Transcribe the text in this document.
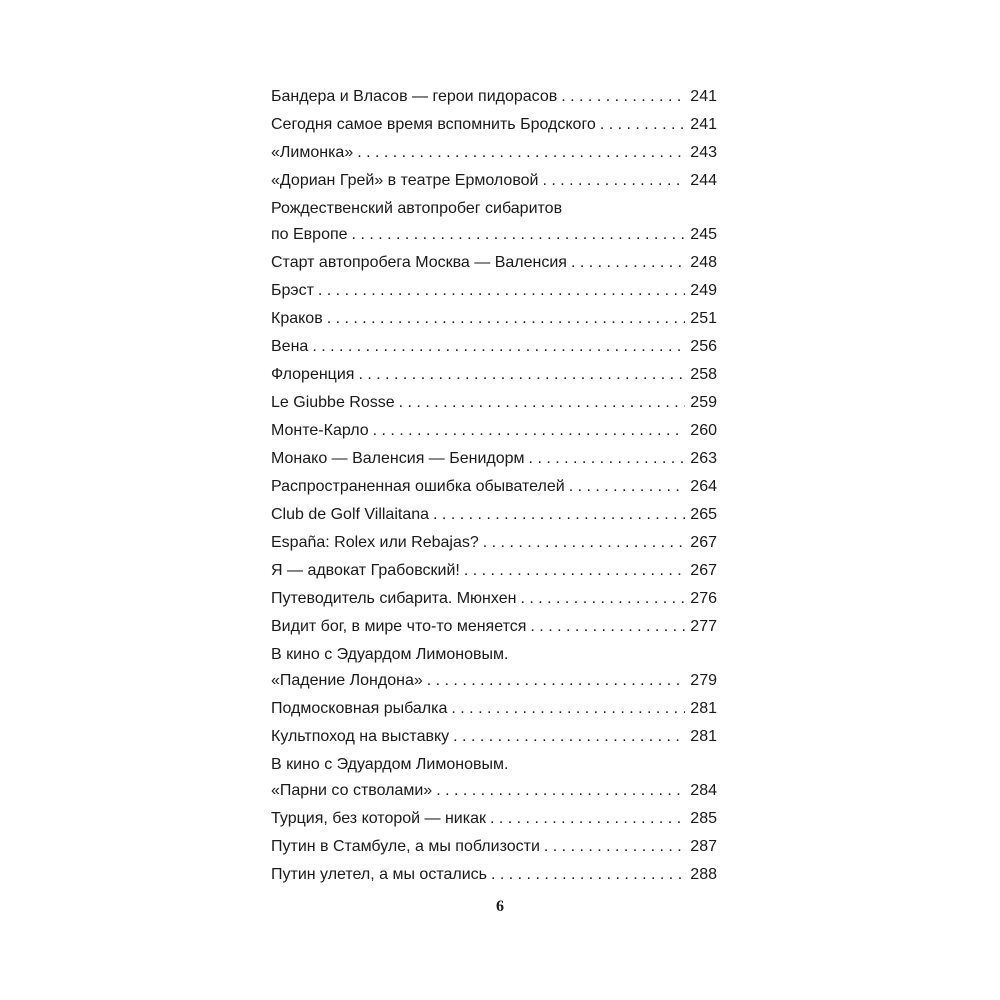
Бандера и Власов — герои пидорасов . . .	241
Сегодня самое время вспомнить Бродского . . .	241
«Лимонка» . . .	243
«Дориан Грей» в театре Ермоловой . . .	244
Рождественский автопробег сибаритов
по Европе . . .	245
Старт автопробега Москва — Валенсия . . .	248
Брэст . . .	249
Краков . . .	251
Вена . . .	256
Флоренция . . .	258
Le Giubbe Rosse . . .	259
Монте-Карло . . .	260
Монако — Валенсия — Бенидорм . . .	263
Распространенная ошибка обывателей . . .	264
Club de Golf Villaitana . . .	265
España: Rolex или Rebajas? . . .	267
Я — адвокат Грабовский! . . .	267
Путеводитель сибарита. Мюнхен . . .	276
Видит бог, в мире что-то меняется . . .	277
В кино с Эдуардом Лимоновым.
«Падение Лондона» . . .	279
Подмосковная рыбалка . . .	281
Культпоход на выставку . . .	281
В кино с Эдуардом Лимоновым.
«Парни со стволами» . . .	284
Турция, без которой — никак . . .	285
Путин в Стамбуле, а мы поблизости . . .	287
Путин улетел, а мы остались . . .	288
6
